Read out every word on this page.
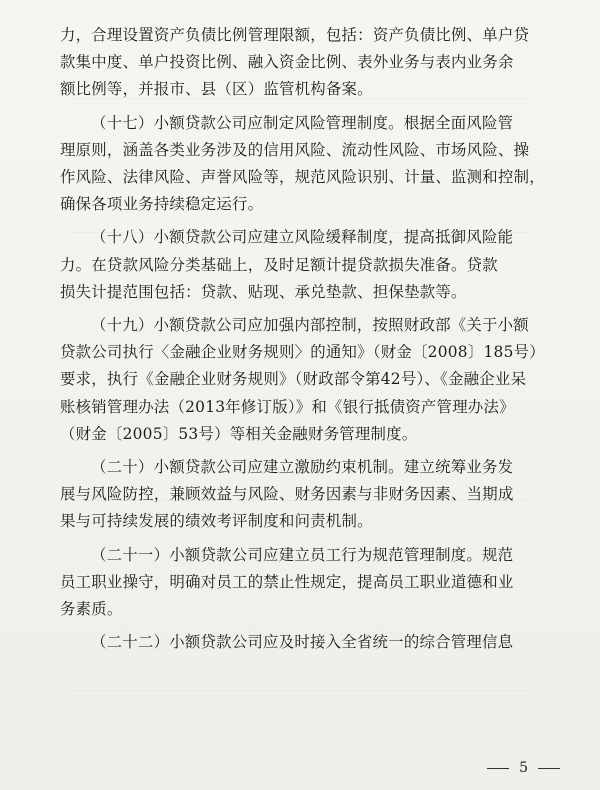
力，合理设置资产负债比例管理限额，包括：资产负债比例、单户贷
款集中度、单户投资比例、融入资金比例、表外业务与表内业务余
额比例等，并报市、县（区）监管机构备案。
（十七）小额贷款公司应制定风险管理制度。根据全面风险管
理原则，涵盖各类业务涉及的信用风险、流动性风险、市场风险、操
作风险、法律风险、声誉风险等，规范风险识别、计量、监测和控制，
确保各项业务持续稳定运行。
（十八）小额贷款公司应建立风险缓释制度，提高抵御风险能
力。在贷款风险分类基础上，及时足额计提贷款损失准备。贷款
损失计提范围包括：贷款、贴现、承兑垫款、担保垫款等。
（十九）小额贷款公司应加强内部控制，按照财政部《关于小额
贷款公司执行〈金融企业财务规则〉的通知》（财金〔2008〕185号）
要求，执行《金融企业财务规则》（财政部令第42号）、《金融企业呆
账核销管理办法（2013年修订版）》和《银行抵债资产管理办法》
（财金〔2005〕53号）等相关金融财务管理制度。
（二十）小额贷款公司应建立激励约束机制。建立统筹业务发
展与风险防控，兼顾效益与风险、财务因素与非财务因素、当期成
果与可持续发展的绩效考评制度和问责机制。
（二十一）小额贷款公司应建立员工行为规范管理制度。规范
员工职业操守，明确对员工的禁止性规定，提高员工职业道德和业
务素质。
（二十二）小额贷款公司应及时接入全省统一的综合管理信息
5
